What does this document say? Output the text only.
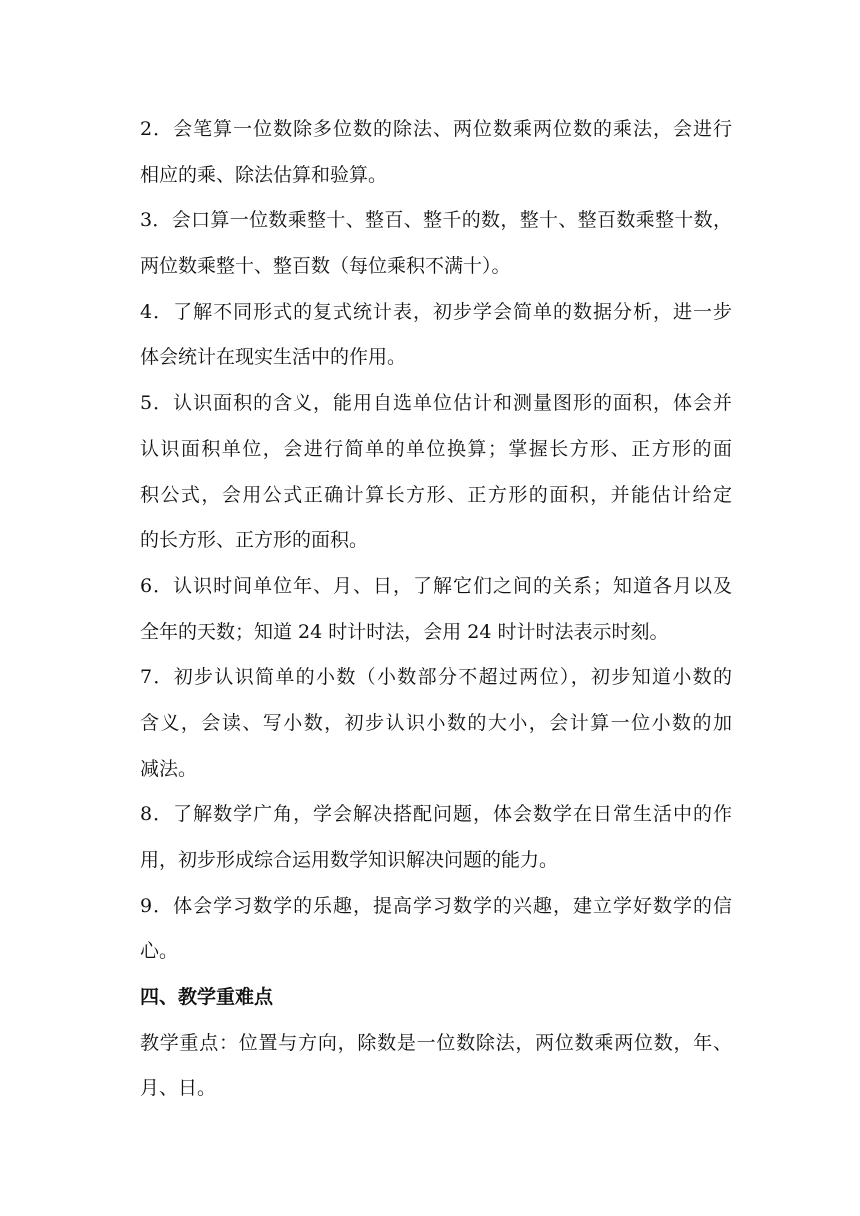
2．会笔算一位数除多位数的除法、两位数乘两位数的乘法，会进行
相应的乘、除法估算和验算。
3．会口算一位数乘整十、整百、整千的数，整十、整百数乘整十数，
两位数乘整十、整百数（每位乘积不满十）。
4．了解不同形式的复式统计表，初步学会简单的数据分析，进一步
体会统计在现实生活中的作用。
5．认识面积的含义，能用自选单位估计和测量图形的面积，体会并
认识面积单位，会进行简单的单位换算；掌握长方形、正方形的面
积公式，会用公式正确计算长方形、正方形的面积，并能估计给定
的长方形、正方形的面积。
6．认识时间单位年、月、日，了解它们之间的关系；知道各月以及
全年的天数；知道 24 时计时法，会用 24 时计时法表示时刻。
7．初步认识简单的小数（小数部分不超过两位），初步知道小数的
含义，会读、写小数，初步认识小数的大小，会计算一位小数的加
减法。
8．了解数学广角，学会解决搭配问题，体会数学在日常生活中的作
用，初步形成综合运用数学知识解决问题的能力。
9．体会学习数学的乐趣，提高学习数学的兴趣，建立学好数学的信
心。
四、教学重难点
教学重点：位置与方向，除数是一位数除法，两位数乘两位数，年、
月、日。
